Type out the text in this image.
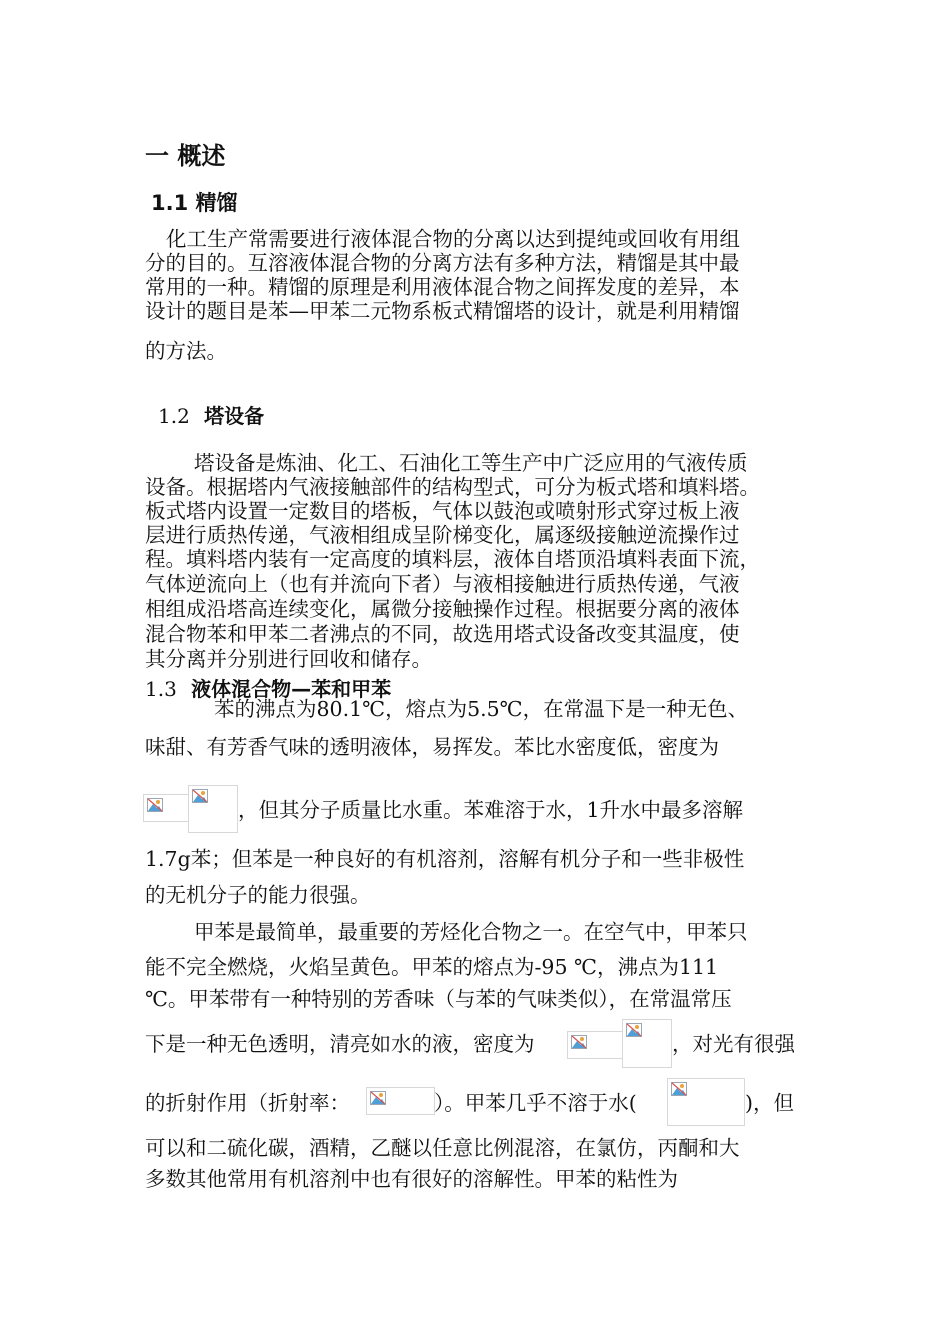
一 概述
1.1 精馏
化工生产常需要进行液体混合物的分离以达到提纯或回收有用组
分的目的。互溶液体混合物的分离方法有多种方法，精馏是其中最
常用的一种。精馏的原理是利用液体混合物之间挥发度的差异，本
设计的题目是苯—甲苯二元物系板式精馏塔的设计，就是利用精馏
的方法。
1.2 塔设备
塔设备是炼油、化工、石油化工等生产中广泛应用的气液传质
设备。根据塔内气液接触部件的结构型式，可分为板式塔和填料塔。
板式塔内设置一定数目的塔板，气体以鼓泡或喷射形式穿过板上液
层进行质热传递，气液相组成呈阶梯变化，属逐级接触逆流操作过
程。填料塔内装有一定高度的填料层，液体自塔顶沿填料表面下流，
气体逆流向上（也有并流向下者）与液相接触进行质热传递，气液
相组成沿塔高连续变化，属微分接触操作过程。根据要分离的液体
混合物苯和甲苯二者沸点的不同，故选用塔式设备改变其温度，使
其分离并分别进行回收和储存。
1.3 液体混合物—苯和甲苯
苯的沸点为80.1℃，熔点为5.5℃，在常温下是一种无色、
味甜、有芳香气味的透明液体，易挥发。苯比水密度低，密度为
，但其分子质量比水重。苯难溶于水，1升水中最多溶解
1.7g苯；但苯是一种良好的有机溶剂，溶解有机分子和一些非极性
的无机分子的能力很强。
甲苯是最简单，最重要的芳烃化合物之一。在空气中，甲苯只
能不完全燃烧，火焰呈黄色。甲苯的熔点为-95 ℃，沸点为111
℃。甲苯带有一种特别的芳香味（与苯的气味类似），在常温常压
下是一种无色透明，清亮如水的液，密度为	，对光有很强
的折射作用（折射率：	）。甲苯几乎不溶于水(	)，但
可以和二硫化碳，酒精，乙醚以任意比例混溶，在氯仿，丙酮和大
多数其他常用有机溶剂中也有很好的溶解性。甲苯的粘性为
